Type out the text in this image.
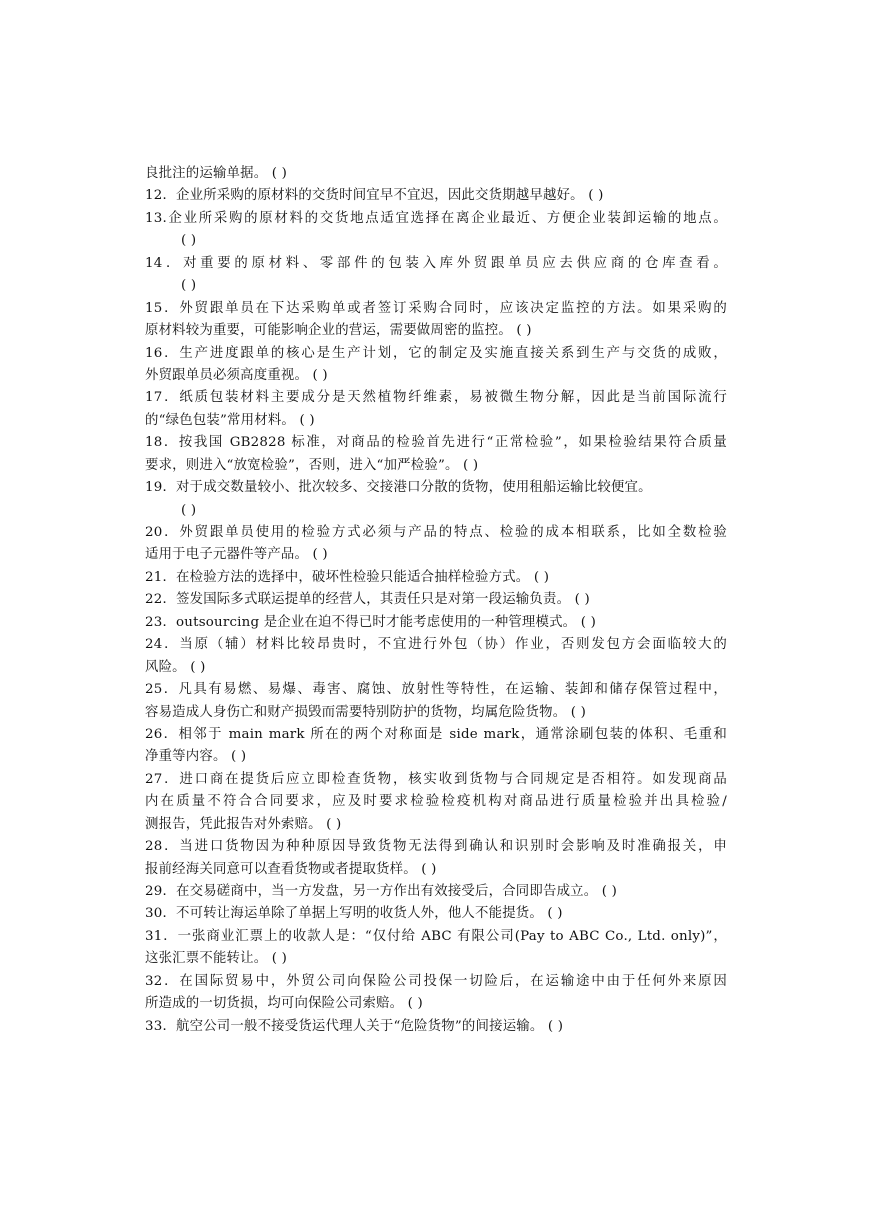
良批注的运输单据。 ( )
12．企业所采购的原材料的交货时间宜早不宜迟，因此交货期越早越好。 ( )
13.企业所采购的原材料的交货地点适宜选择在离企业最近、方便企业装卸运输的地点。
( )
14．对重要的原材料、零部件的包装入库外贸跟单员应去供应商的仓库查看。
( )
15．外贸跟单员在下达采购单或者签订采购合同时，应该决定监控的方法。如果采购的
原材料较为重要，可能影响企业的营运，需要做周密的监控。 ( )
16．生产进度跟单的核心是生产计划，它的制定及实施直接关系到生产与交货的成败，
外贸跟单员必须高度重视。 ( )
17．纸质包装材料主要成分是天然植物纤维素，易被微生物分解，因此是当前国际流行
的“绿色包装”常用材料。 ( )
18．按我国 GB2828 标准，对商品的检验首先进行“正常检验”，如果检验结果符合质量
要求，则进入“放宽检验”，否则，进入“加严检验”。 ( )
19．对于成交数量较小、批次较多、交接港口分散的货物，使用租船运输比较便宜。
( )
20．外贸跟单员使用的检验方式必须与产品的特点、检验的成本相联系，比如全数检验
适用于电子元器件等产品。 ( )
21．在检验方法的选择中，破坏性检验只能适合抽样检验方式。 ( )
22．签发国际多式联运提单的经营人，其责任只是对第一段运输负责。 ( )
23．outsourcing 是企业在迫不得已时才能考虑使用的一种管理模式。 ( )
24．当原（辅）材料比较昂贵时，不宜进行外包（协）作业，否则发包方会面临较大的
风险。 ( )
25．凡具有易燃、易爆、毒害、腐蚀、放射性等特性，在运输、装卸和储存保管过程中，
容易造成人身伤亡和财产损毁而需要特别防护的货物，均属危险货物。 ( )
26．相邻于 main mark 所在的两个对称面是 side mark，通常涂刷包装的体积、毛重和
净重等内容。 ( )
27．进口商在提货后应立即检查货物，核实收到货物与合同规定是否相符。如发现商品
内在质量不符合合同要求，应及时要求检验检疫机构对商品进行质量检验并出具检验/
测报告，凭此报告对外索赔。 ( )
28．当进口货物因为种种原因导致货物无法得到确认和识别时会影响及时准确报关，申
报前经海关同意可以查看货物或者提取货样。 ( )
29．在交易磋商中，当一方发盘，另一方作出有效接受后，合同即告成立。 ( )
30．不可转让海运单除了单据上写明的收货人外，他人不能提货。 ( )
31．一张商业汇票上的收款人是：“仅付给 ABC 有限公司(Pay to ABC Co., Ltd. only)”，
这张汇票不能转让。 ( )
32．在国际贸易中，外贸公司向保险公司投保一切险后，在运输途中由于任何外来原因
所造成的一切货损，均可向保险公司索赔。 ( )
33．航空公司一般不接受货运代理人关于“危险货物”的间接运输。 ( )
